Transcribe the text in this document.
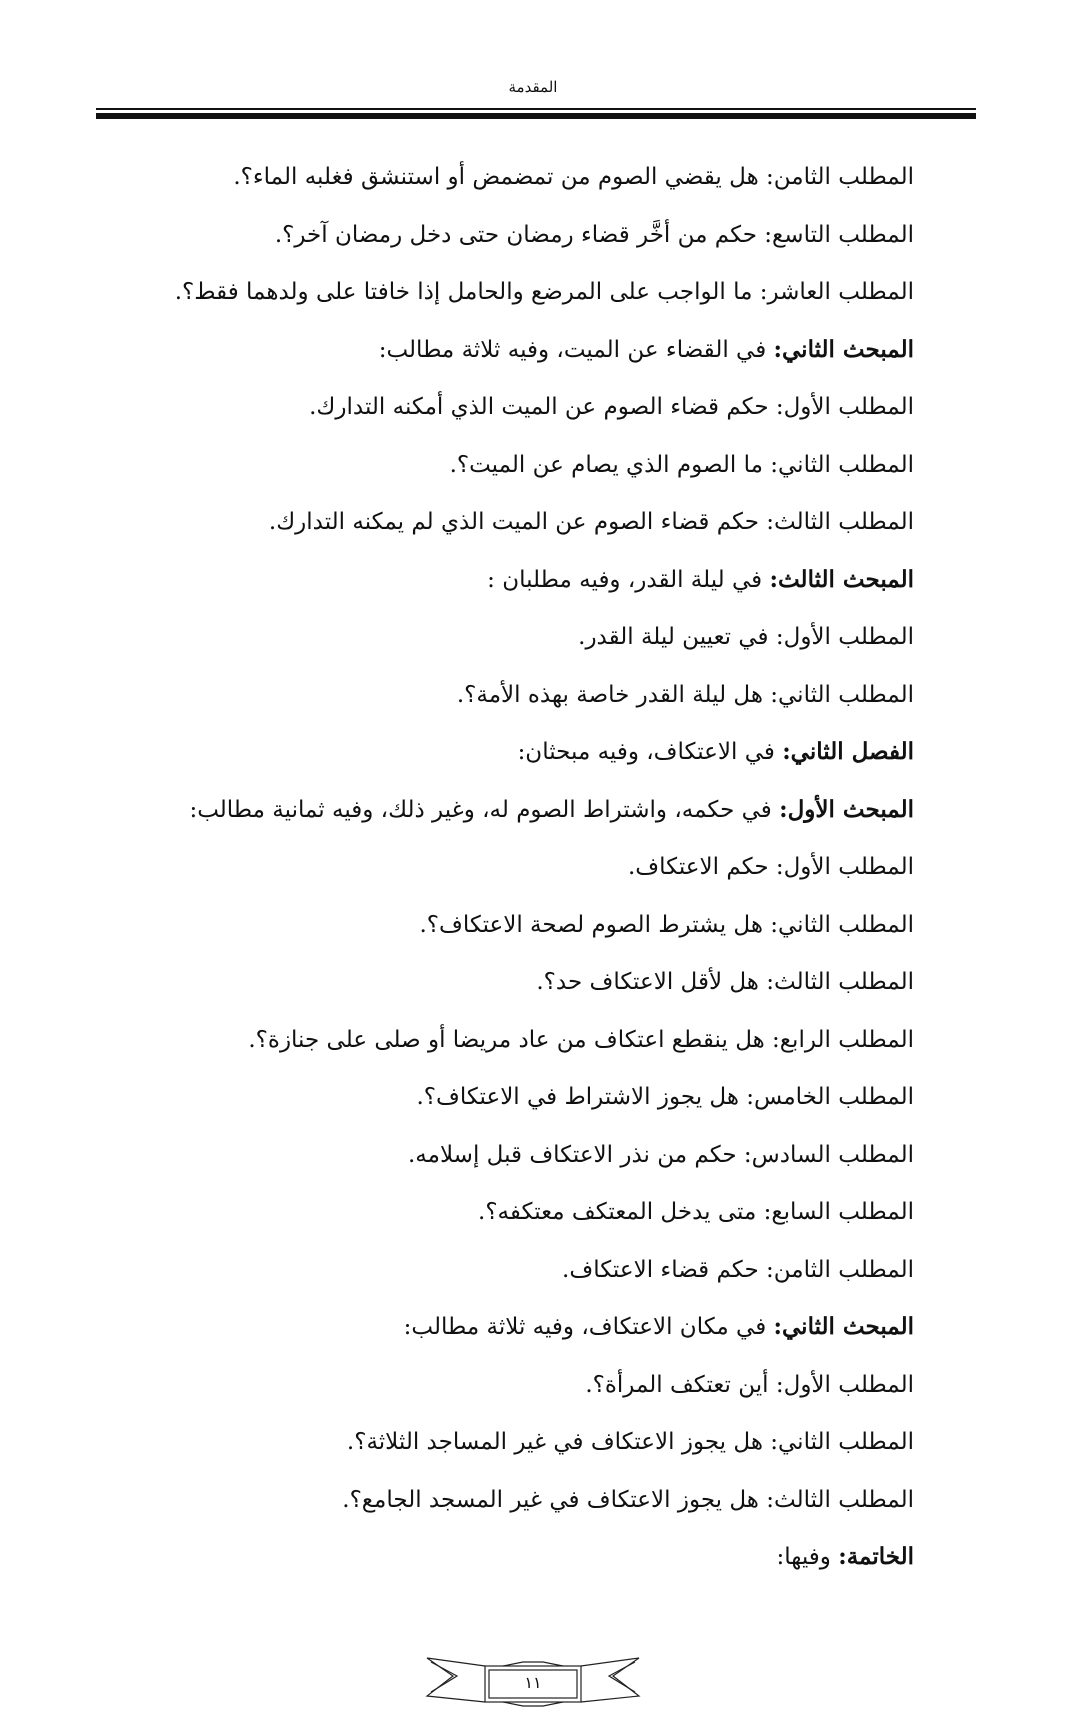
المقدمة
المطلب الثامن: هل يقضي الصوم من تمضمض أو استنشق فغلبه الماء؟.
المطلب التاسع: حكم من أخَّر قضاء رمضان حتى دخل رمضان آخر؟.
المطلب العاشر: ما الواجب على المرضع والحامل إذا خافتا على ولدهما فقط؟.
المبحث الثاني: في القضاء عن الميت، وفيه ثلاثة مطالب:
المطلب الأول: حكم قضاء الصوم عن الميت الذي أمكنه التدارك.
المطلب الثاني: ما الصوم الذي يصام عن الميت؟.
المطلب الثالث: حكم قضاء الصوم عن الميت الذي لم يمكنه التدارك.
المبحث الثالث: في ليلة القدر، وفيه مطلبان :
المطلب الأول: في تعيين ليلة القدر.
المطلب الثاني: هل ليلة القدر خاصة بهذه الأمة؟.
الفصل الثاني: في الاعتكاف، وفيه مبحثان:
المبحث الأول: في حكمه، واشتراط الصوم له، وغير ذلك، وفيه ثمانية مطالب:
المطلب الأول: حكم الاعتكاف.
المطلب الثاني: هل يشترط الصوم لصحة الاعتكاف؟.
المطلب الثالث: هل لأقل الاعتكاف حد؟.
المطلب الرابع: هل ينقطع اعتكاف من عاد مريضا أو صلى على جنازة؟.
المطلب الخامس: هل يجوز الاشتراط في الاعتكاف؟.
المطلب السادس: حكم من نذر الاعتكاف قبل إسلامه.
المطلب السابع: متى يدخل المعتكف معتكفه؟.
المطلب الثامن: حكم قضاء الاعتكاف.
المبحث الثاني: في مكان الاعتكاف، وفيه ثلاثة مطالب:
المطلب الأول: أين تعتكف المرأة؟.
المطلب الثاني: هل يجوز الاعتكاف في غير المساجد الثلاثة؟.
المطلب الثالث: هل يجوز الاعتكاف في غير المسجد الجامع؟.
الخاتمة: وفيها:
١١
